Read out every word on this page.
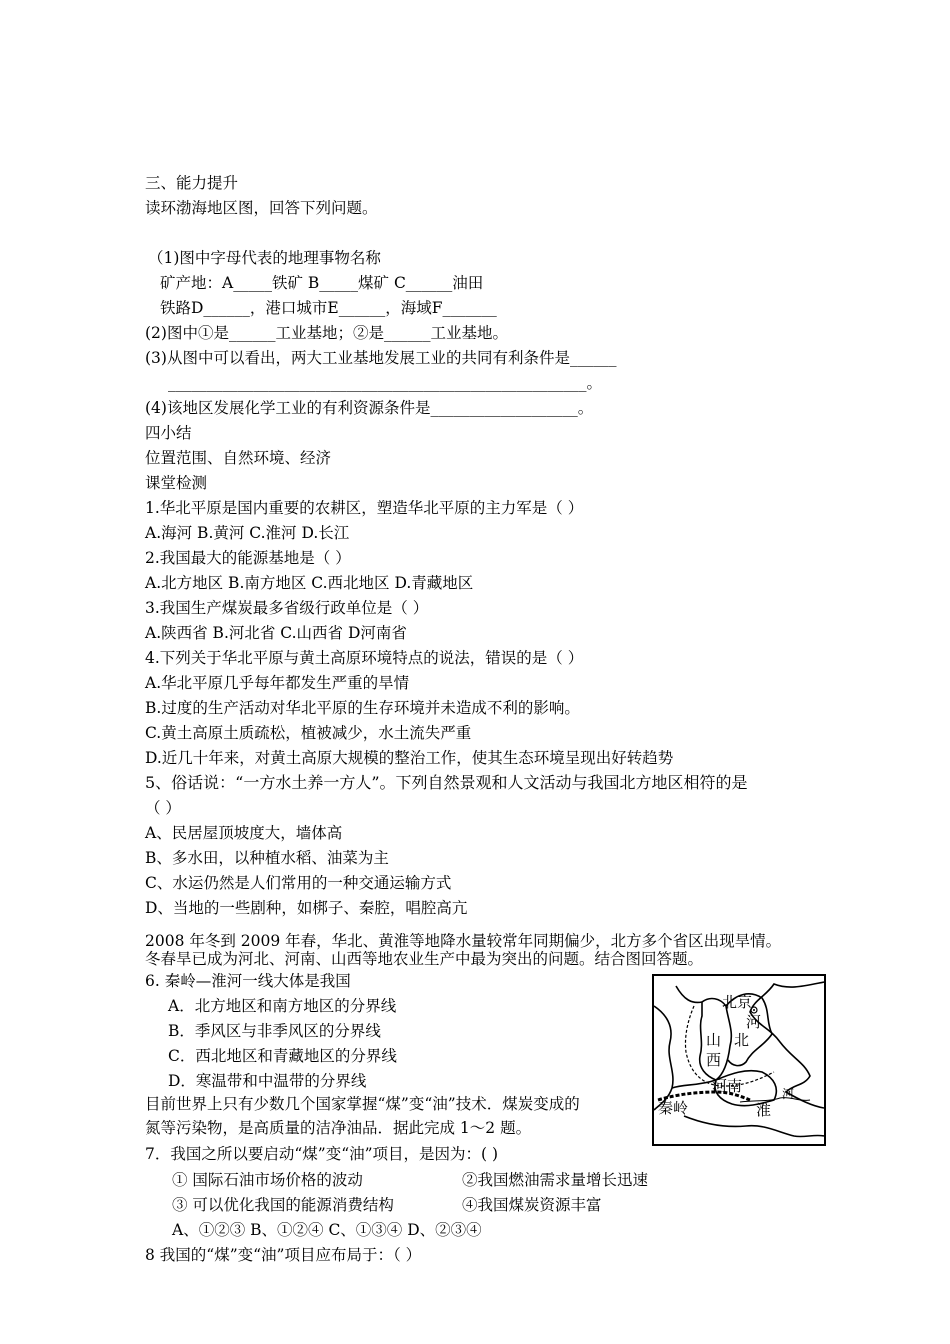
三、能力提升
读环渤海地区图，回答下列问题。
（1)图中字母代表的地理事物名称
矿产地：A_____铁矿 B_____煤矿 C______油田
铁路D______，港口城市E______，海域F_______
(2)图中①是______工业基地；②是______工业基地。
(3)从图中可以看出，两大工业基地发展工业的共同有利条件是______
______________________________________________________。
(4)该地区发展化学工业的有利资源条件是___________________。
四小结
位置范围、自然环境、经济
课堂检测
1.华北平原是国内重要的农耕区，塑造华北平原的主力军是（ ）
A.海河 B.黄河 C.淮河 D.长江
2.我国最大的能源基地是（ ）
A.北方地区 B.南方地区 C.西北地区 D.青藏地区
3.我国生产煤炭最多省级行政单位是（ ）
A.陕西省 B.河北省 C.山西省 D河南省
4.下列关于华北平原与黄土高原环境特点的说法，错误的是（ ）
A.华北平原几乎每年都发生严重的旱情
B.过度的生产活动对华北平原的生存环境并未造成不利的影响。
C.黄土高原土质疏松，植被减少，水土流失严重
D.近几十年来，对黄土高原大规模的整治工作，使其生态环境呈现出好转趋势
5、俗话说：“一方水土养一方人”。下列自然景观和人文活动与我国北方地区相符的是
（ ）
A、民居屋顶坡度大，墙体高
B、多水田，以种植水稻、油菜为主
C、水运仍然是人们常用的一种交通运输方式
D、当地的一些剧种，如梆子、秦腔，唱腔高亢
2008 年冬到 2009 年春，华北、黄淮等地降水量较常年同期偏少，北方多个省区出现旱情。
冬春旱已成为河北、河南、山西等地农业生产中最为突出的问题。结合图回答题。
6. 秦岭—淮河一线大体是我国
A．北方地区和南方地区的分界线
B．季风区与非季风区的分界线
C．西北地区和青藏地区的分界线
D．寒温带和中温带的分界线
目前世界上只有少数几个国家掌握“煤”变“油”技术．煤炭变成的
氮等污染物，是高质量的洁净油品．据此完成 1～2 题。
7．我国之所以要启动“煤”变“油”项目，是因为：( )
① 国际石油市场价格的波动	②我国燃油需求量增长迅速
③ 可以优化我国的能源消费结构	④我国煤炭资源丰富
A、①②③ B、①②④ C、①③④ D、②③④
8 我国的“煤”变“油”项目应布局于：（ ）
北京
河
北
山
西
河南
秦岭	淮
河
